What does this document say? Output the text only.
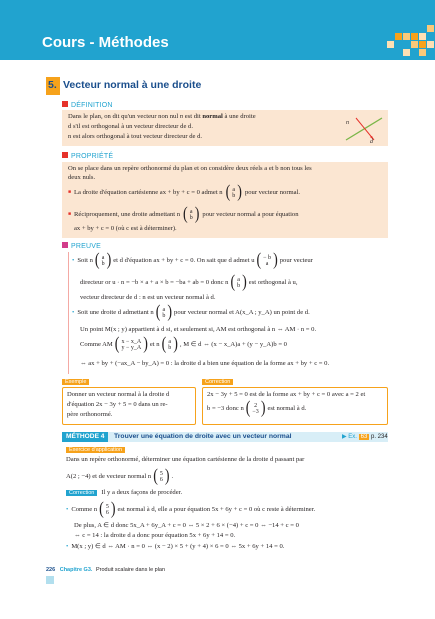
Cours - Méthodes
5. Vecteur normal à une droite
DÉFINITION
Dans le plan, on dit qu'un vecteur non nul n est dit normal à une droite
d s'il est orthogonal à un vecteur directeur de d.
n est alors orthogonal à tout vecteur directeur de d.
n
d
PROPRIÉTÉ
On se place dans un repère orthonormé du plan et on considère deux réels a et b non tous les
deux nuls.
■ La droite d'équation cartésienne ax + by + c = 0 admet n ( a
b ) pour vecteur normal.
■ Réciproquement, une droite admettant n ( a
b ) pour vecteur normal a pour équation
ax + by + c = 0 (où c est à déterminer).
PREUVE
• Soit n ( a
b ) et d d'équation ax + by + c = 0. On sait que d admet u ( − b
a ) pour vecteur
directeur or u · n = −b × a + a × b = −ba + ab = 0 donc n ( a
b ) est orthogonal à u,
vecteur directeur de d : n est un vecteur normal à d.
• Soit une droite d admettant n ( a
b ) pour vecteur normal et A(x_A ; y_A) un point de d.
Un point M(x ; y) appartient à d si, et seulement si, AM est orthogonal à n ⇔ AM · n = 0.
Comme AM ( x − x_A
y − y_A ) et n ( a
b ) , M ∈ d ⇔ (x − x_A)a + (y − y_A)b = 0
⇔ ax + by + (−ax_A − by_A) = 0 : la droite d a bien une équation de la forme ax + by + c = 0.
Exemple
Donner un vecteur normal à la droite d
d'équation 2x − 3y + 5 = 0 dans un re-
père orthonormé.
Correction
2x − 3y + 5 = 0 est de la forme ax + by + c = 0 avec a = 2 et
b = −3 donc n ( 2
−3 ) est normal à d.
MÉTHODE 4	Trouver une équation de droite avec un vecteur normal	▶ Ex. 63 p. 234
Exercice d'application
Dans un repère orthonormé, déterminer une équation cartésienne de la droite d passant par
A(2 ; −4) et de vecteur normal n ( 5
6 ) .
Correction Il y a deux façons de procéder.
• Comme n ( 5
6 ) est normal à d, elle a pour équation 5x + 6y + c = 0 où c reste à déterminer.
De plus, A ∈ d donc 5x_A + 6y_A + c = 0 ⇔ 5 × 2 + 6 × (−4) + c = 0 ⇔ −14 + c = 0
⇔ c = 14 : la droite d a donc pour équation 5x + 6y + 14 = 0.
• M(x ; y) ∈ d ⇔ AM · n = 0 ⇔ (x − 2) × 5 + (y + 4) × 6 = 0 ⇔ 5x + 6y + 14 = 0.
226 Chapitre G3. Produit scalaire dans le plan
